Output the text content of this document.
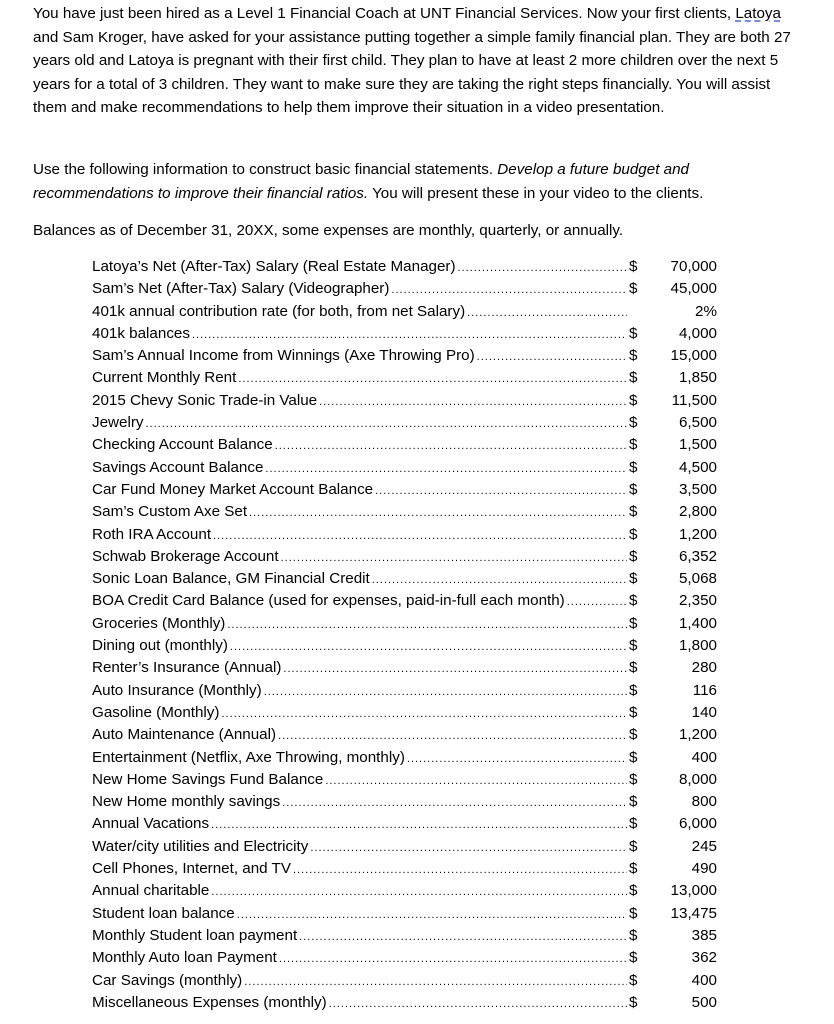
You have just been hired as a Level 1 Financial Coach at UNT Financial Services. Now your first clients, Latoya and Sam Kroger, have asked for your assistance putting together a simple family financial plan. They are both 27 years old and Latoya is pregnant with their first child. They plan to have at least 2 more children over the next 5 years for a total of 3 children. They want to make sure they are taking the right steps financially. You will assist them and make recommendations to help them improve their situation in a video presentation.

Use the following information to construct basic financial statements. Develop a future budget and recommendations to improve their financial ratios. You will present these in your video to the clients.

Balances as of December 31, 20XX, some expenses are monthly, quarterly, or annually.

Latoya’s Net (After-Tax) Salary (Real Estate Manager) .....	$	70,000
Sam’s Net (After-Tax) Salary (Videographer) .....	$	45,000
401k annual contribution rate (for both, from net Salary) .....	2%
401k balances .....	$	4,000
Sam’s Annual Income from Winnings (Axe Throwing Pro) .....	$	15,000
Current Monthly Rent .....	$	1,850
2015 Chevy Sonic Trade-in Value .....	$	11,500
Jewelry .....	$	6,500
Checking Account Balance .....	$	1,500
Savings Account Balance .....	$	4,500
Car Fund Money Market Account Balance .....	$	3,500
Sam’s Custom Axe Set .....	$	2,800
Roth IRA Account .....	$	1,200
Schwab Brokerage Account .....	$	6,352
Sonic Loan Balance, GM Financial Credit .....	$	5,068
BOA Credit Card Balance (used for expenses, paid-in-full each month) .....	$	2,350
Groceries (Monthly) .....	$	1,400
Dining out (monthly) .....	$	1,800
Renter’s Insurance (Annual) .....	$	280
Auto Insurance (Monthly) .....	$	116
Gasoline (Monthly) .....	$	140
Auto Maintenance (Annual) .....	$	1,200
Entertainment (Netflix, Axe Throwing, monthly) .....	$	400
New Home Savings Fund Balance .....	$	8,000
New Home monthly savings .....	$	800
Annual Vacations .....	$	6,000
Water/city utilities and Electricity .....	$	245
Cell Phones, Internet, and TV .....	$	490
Annual charitable .....	$	13,000
Student loan balance .....	$	13,475
Monthly Student loan payment .....	$	385
Monthly Auto loan Payment .....	$	362
Car Savings (monthly) .....	$	400
Miscellaneous Expenses (monthly) .....	$	500
